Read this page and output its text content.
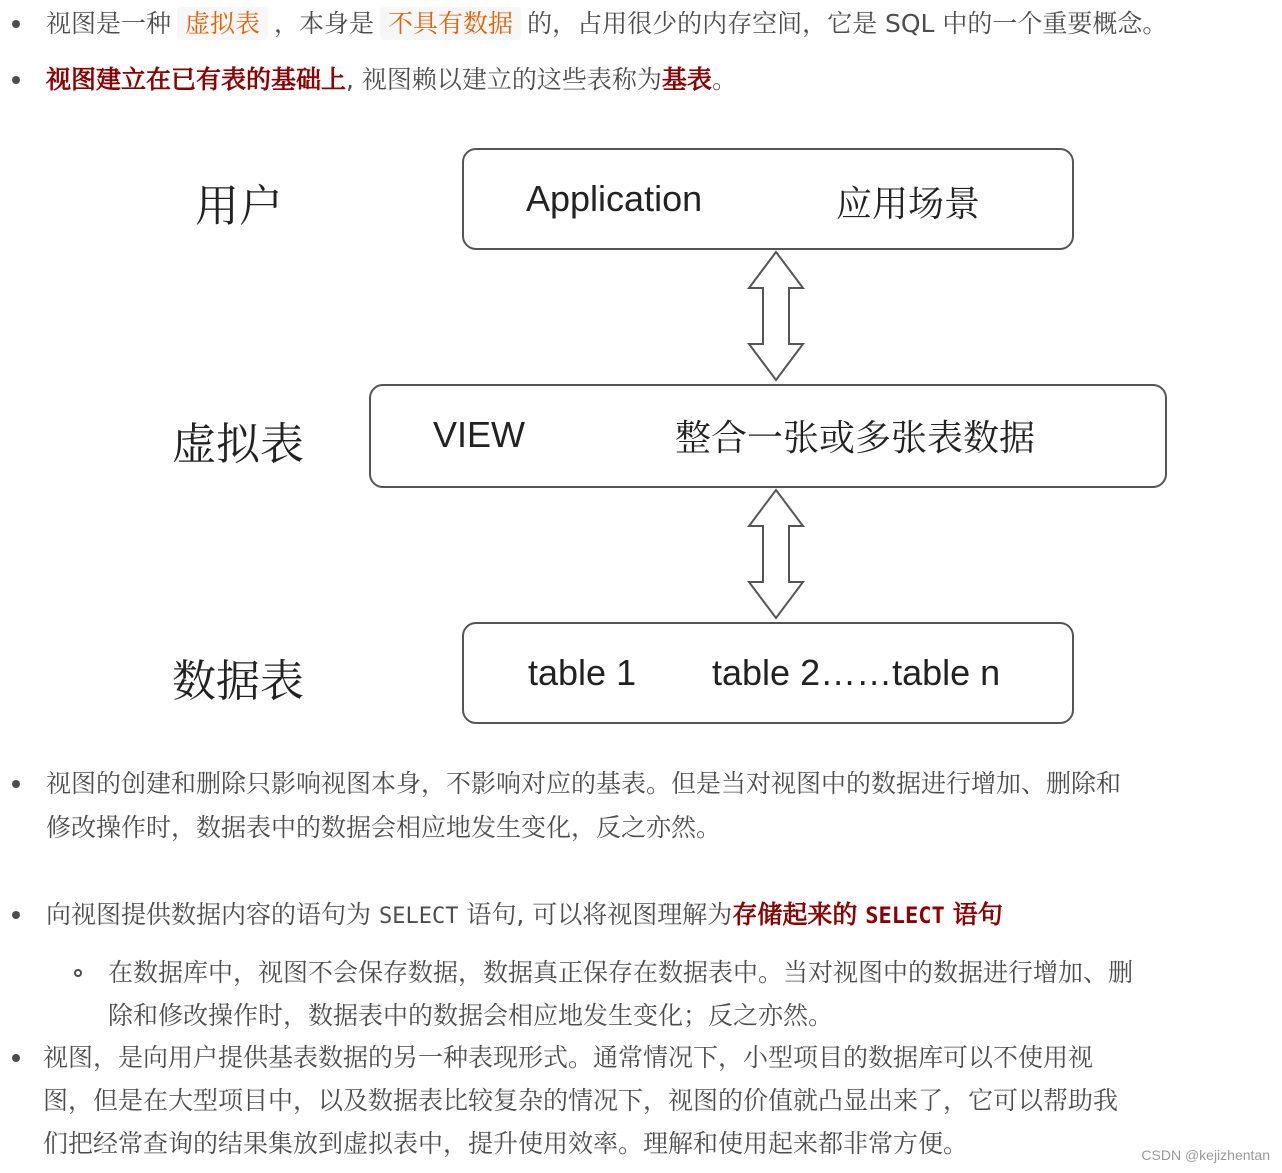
视图是一种 虚拟表 ，本身是 不具有数据 的，占用很少的内存空间，它是 SQL 中的一个重要概念。
视图建立在已有表的基础上, 视图赖以建立的这些表称为基表。
用户	Application	应用场景
虚拟表	VIEW	整合一张或多张表数据
数据表	table 1 table 2……table n
视图的创建和删除只影响视图本身，不影响对应的基表。但是当对视图中的数据进行增加、删除和
修改操作时，数据表中的数据会相应地发生变化，反之亦然。
向视图提供数据内容的语句为 SELECT 语句, 可以将视图理解为存储起来的 SELECT 语句
在数据库中，视图不会保存数据，数据真正保存在数据表中。当对视图中的数据进行增加、删
除和修改操作时，数据表中的数据会相应地发生变化；反之亦然。
视图，是向用户提供基表数据的另一种表现形式。通常情况下，小型项目的数据库可以不使用视
图，但是在大型项目中，以及数据表比较复杂的情况下，视图的价值就凸显出来了，它可以帮助我
们把经常查询的结果集放到虚拟表中，提升使用效率。理解和使用起来都非常方便。	CSDN @kejizhentan
